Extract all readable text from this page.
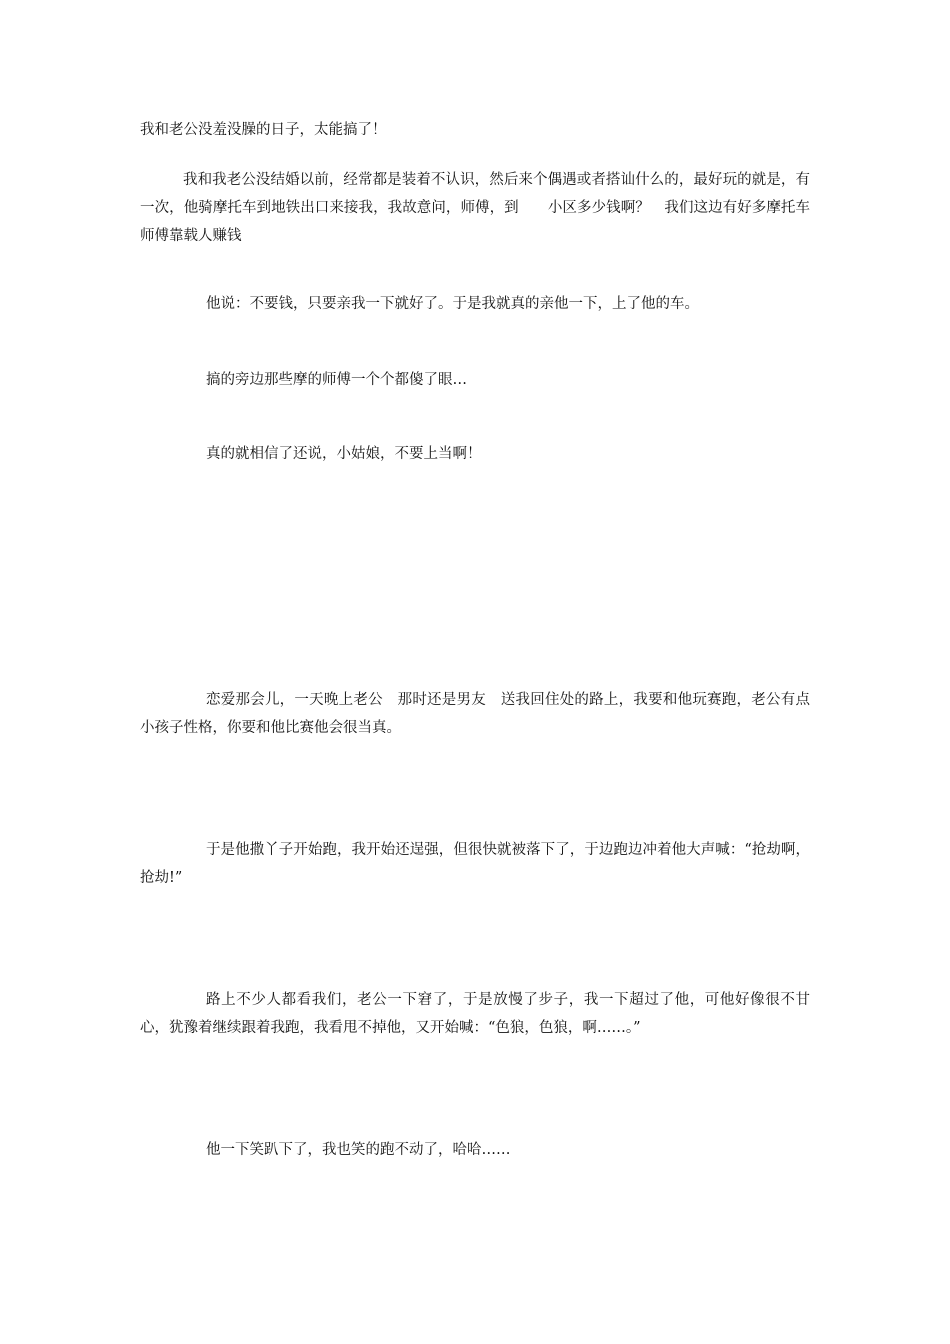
我和老公没羞没臊的日子，太能搞了！

我和我老公没结婚以前，经常都是装着不认识，然后来个偶遇或者搭讪什么的，最好玩的就是，有一次，他骑摩托车到地铁出口来接我，我故意问，师傅，到　　小区多少钱啊？　我们这边有好多摩托车师傅靠载人赚钱

他说：不要钱，只要亲我一下就好了。于是我就真的亲他一下，上了他的车。

搞的旁边那些摩的师傅一个个都傻了眼…

真的就相信了还说，小姑娘，不要上当啊！

恋爱那会儿，一天晚上老公　那时还是男友　送我回住处的路上，我要和他玩赛跑，老公有点小孩子性格，你要和他比赛他会很当真。

于是他撒丫子开始跑，我开始还逞强，但很快就被落下了，于边跑边冲着他大声喊：“抢劫啊，抢劫!”

路上不少人都看我们，老公一下窘了，于是放慢了步子，我一下超过了他，可他好像很不甘心，犹豫着继续跟着我跑，我看甩不掉他，又开始喊：“色狼，色狼，啊……。”

他一下笑趴下了，我也笑的跑不动了，哈哈……
